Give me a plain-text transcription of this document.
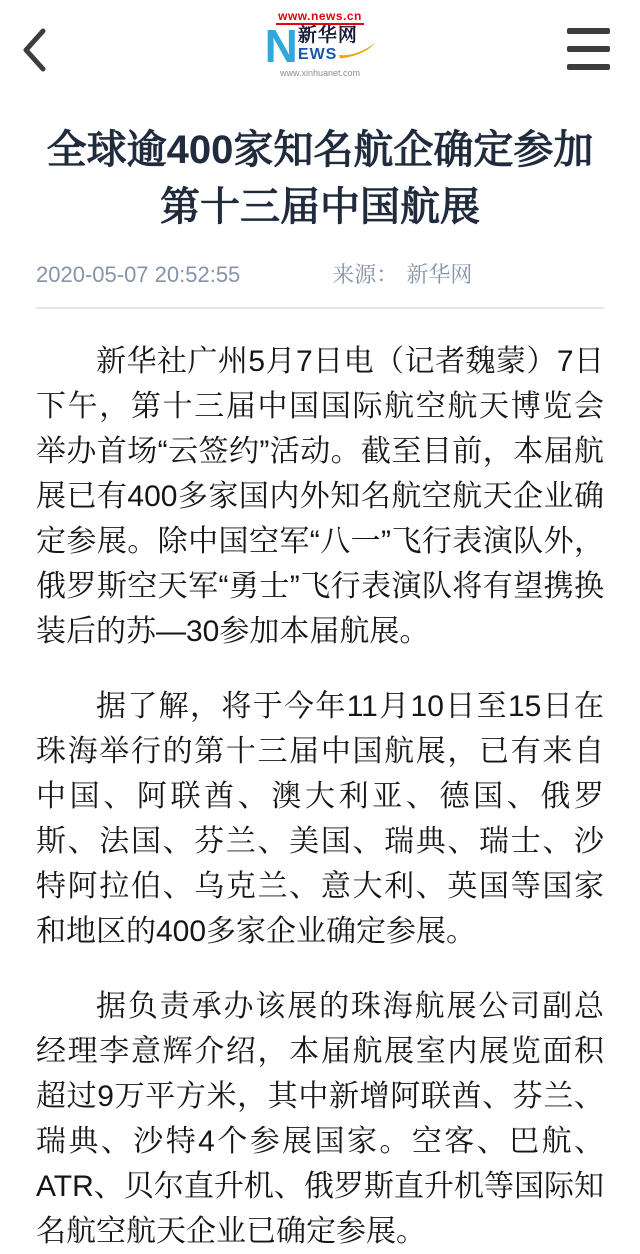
www.news.cn
N 新华网
EWS
www.xinhuanet.com
全球逾400家知名航企确定参加第十三届中国航展
2020-05-07 20:52:55	来源： 新华网

新华社广州5月7日电（记者魏蒙）7日下午，第十三届中国国际航空航天博览会举办首场“云签约”活动。截至目前，本届航展已有400多家国内外知名航空航天企业确定参展。除中国空军“八一”飞行表演队外，俄罗斯空天军“勇士”飞行表演队将有望携换装后的苏—30参加本届航展。

据了解，将于今年11月10日至15日在珠海举行的第十三届中国航展，已有来自中国、阿联酋、澳大利亚、德国、俄罗斯、法国、芬兰、美国、瑞典、瑞士、沙特阿拉伯、乌克兰、意大利、英国等国家和地区的400多家企业确定参展。

据负责承办该展的珠海航展公司副总经理李意辉介绍，本届航展室内展览面积超过9万平方米，其中新增阿联酋、芬兰、瑞典、沙特4个参展国家。空客、巴航、ATR、贝尔直升机、俄罗斯直升机等国际知名航空航天企业已确定参展。
